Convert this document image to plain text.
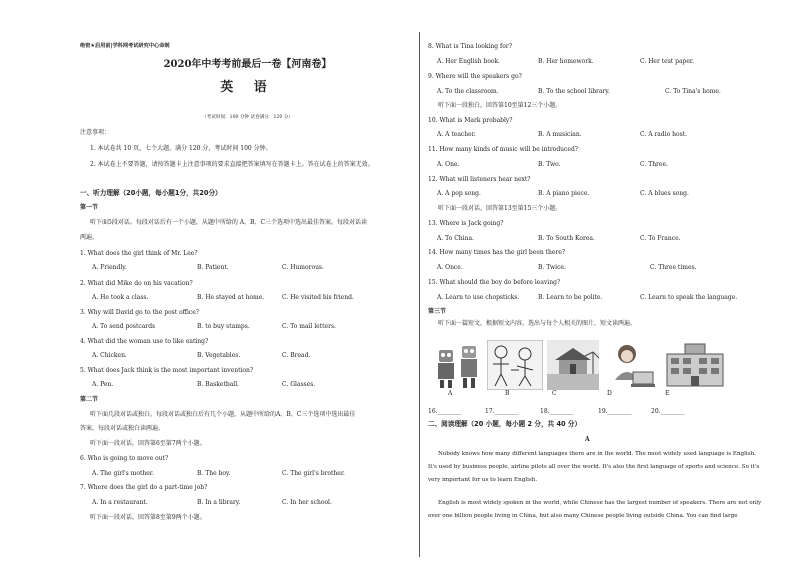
绝密★启用前|学科网考试研究中心命制
2020年中考考前最后一卷【河南卷】
英 语
（考试时间：100 分钟 试卷满分：120 分）
注意事项：
1. 本试卷共 10 页，七个大题，满分 120 分，考试时间 100 分钟。
2. 本试卷上不要答题，请按答题卡上注意事项的要求直接把答案填写在答题卡上。答在试卷上的答案无效。
一、听力理解（20小题，每小题1分，共20分）
第一节
听下面5段对话。每段对话后有一个小题，从题中所给的 A、B、C三个选项中选出最佳答案。每段对话读
两遍。
1. What does the girl think of Mr. Lee?
A. Friendly.	B. Patient.	C. Humorous.
2. What did Mike do on his vacation?
A. He took a class.	B. He stayed at home.	C. He visited his friend.
3. Why will David go to the post office?
A. To send postcards	B. to buy stamps.	C. To mail letters.
4. What did the woman use to like eating?
A. Chicken.	B. Vegetables.	C. Bread.
5. What does Jack think is the most important invention?
A. Pen.	B. Basketball.	C. Glasses.
第二节
听下面几段对话或独白。每段对话或独白后有几个小题，从题中所给的A、B、C三个选项中选出最佳
答案。每段对话或独白读两遍。
听下面一段对话，回答第6至第7两个小题。
6. Who is going to move out?
A. The girl's mother.	B. The boy.	C. The girl's brother.
7. Where does the girl do a part-time job?
A. In a restaurant.	B. In a library.	C. In her school.
听下面一段对话，回答第8至第9两个小题。
8. What is Tina looking for?
A. Her English book.	B. Her homework.	C. Her test paper.
9. Where will the speakers go?
A. To the classroom.	B. To the school library.	C. To Tina's home.
听下面一段独白，回答第10至第12三个小题。
10. What is Mark probably?
A. A teacher.	B. A musician.	C. A radio host.
11. How many kinds of music will be introduced?
A. One.	B. Two.	C. Three.
12. What will listeners hear next?
A. A pop song.	B. A piano piece.	C. A blues song.
听下面一段对话，回答第13至第15三个小题。
13. Where is Jack going?
A. To China.	B. To South Korea.	C. To France.
14. How many times has the girl been there?
A. Once.	B. Twice.	C. Three times.
15. What should the boy do before leaving?
A. Learn to use chopsticks.	B. Learn to be polite.	C. Learn to speak the language.
第三节
听下面一篇短文，根据短文内容，选出与每个人相关的图片，短文读两遍。
A	B	C	D	E
16.________	17.________	18.________	19.________	20.________
二、阅读理解（20 小题，每小题 2 分，共 40 分）
A
Nobody knows how many different languages there are in the world. The most widely used language is English. It's used by business people, airline pilots all over the world. It's also the first language of sports and science. So it's very important for us to learn English.
English is most widely spoken in the world, while Chinese has the largest number of speakers. There are not only over one billion people living in China, but also many Chinese people living outside China. You can find large
